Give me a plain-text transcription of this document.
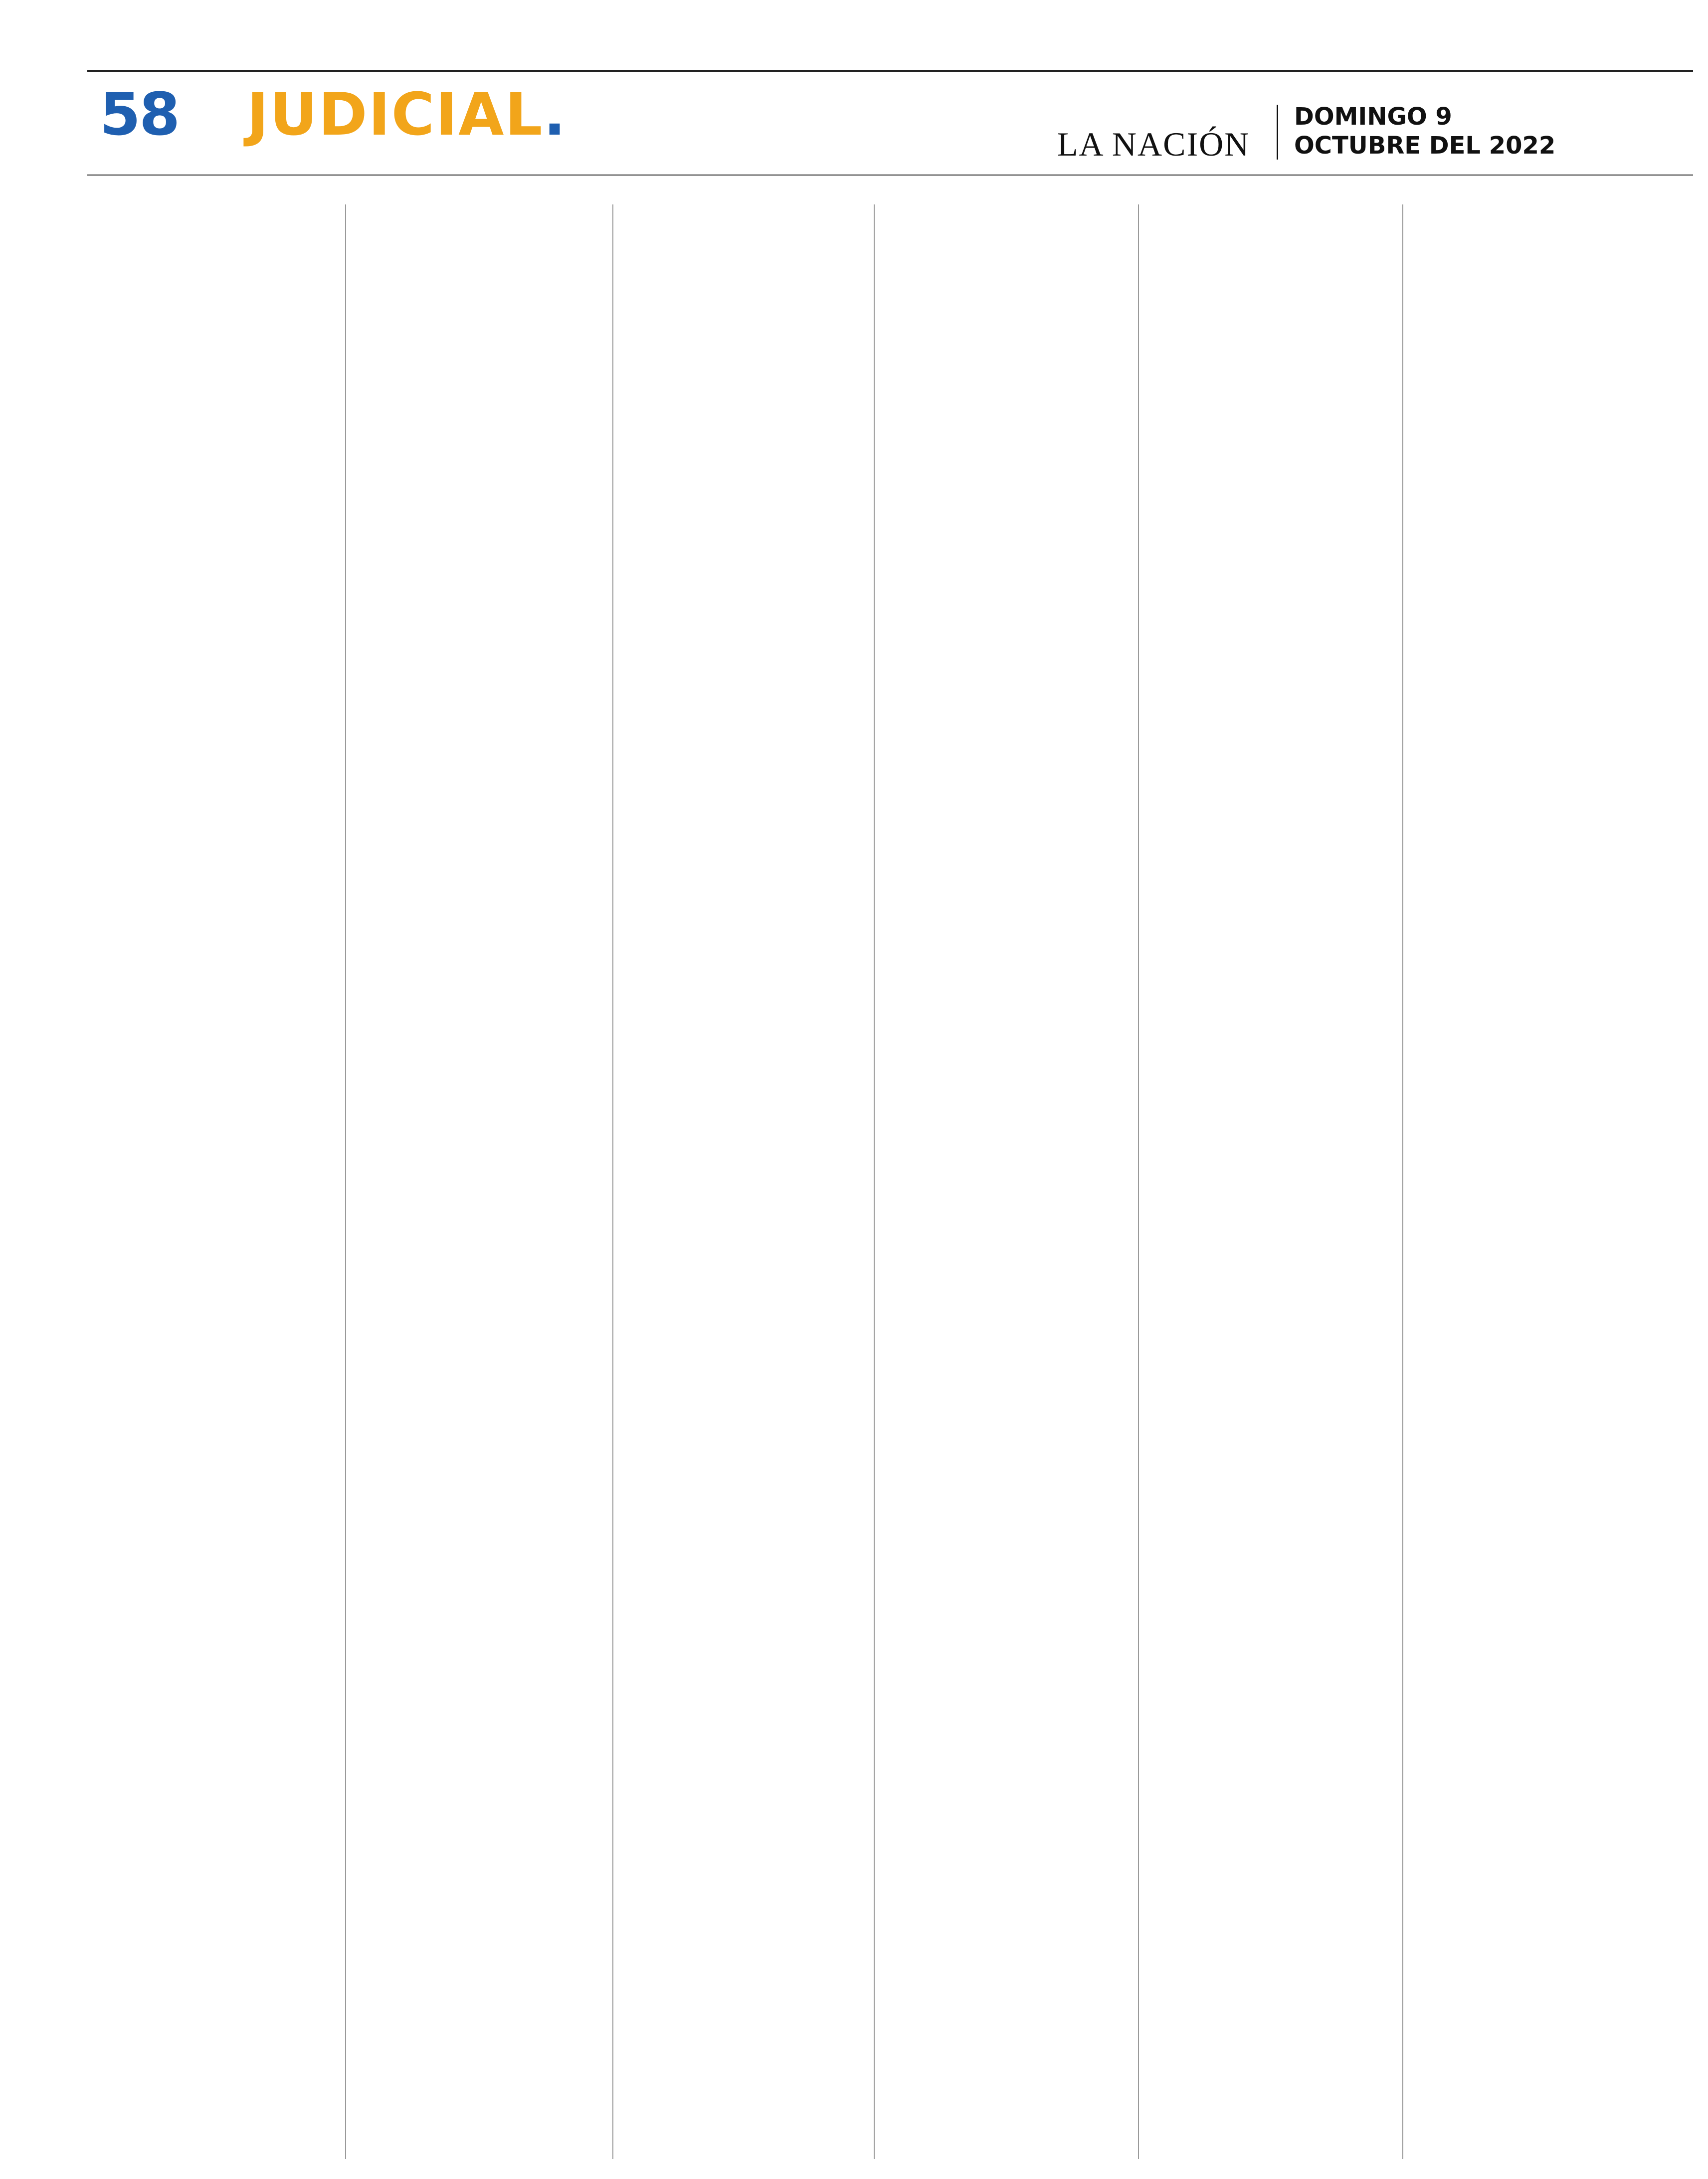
58 JUDICIAL.	LA NACIÓN
DOMINGO 9
OCTUBRE DEL 2022
